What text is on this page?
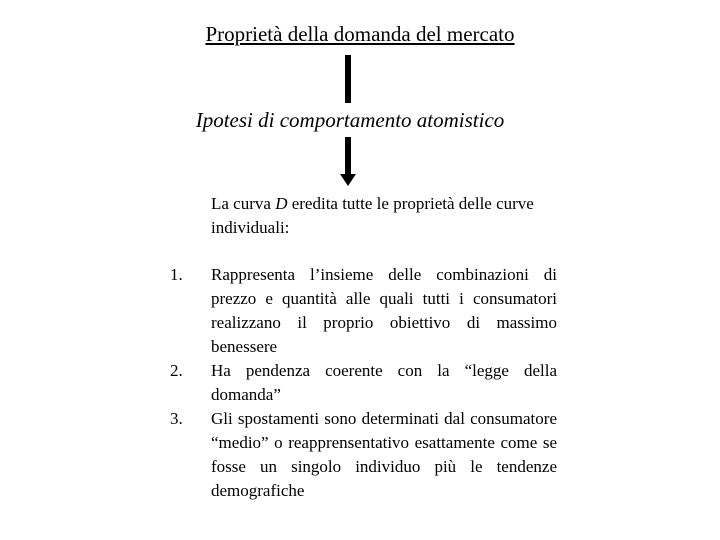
Proprietà della domanda del mercato
Ipotesi di comportamento atomistico
La curva D eredita tutte le proprietà delle curve individuali:
1. Rappresenta l’insieme delle combinazioni di prezzo e quantità alle quali tutti i consumatori realizzano il proprio obiettivo di massimo benessere
2. Ha pendenza coerente con la “legge della domanda”
3. Gli spostamenti sono determinati dal consumatore “medio” o reapprensentativo esattamente come se fosse un singolo individuo più le tendenze demografiche
